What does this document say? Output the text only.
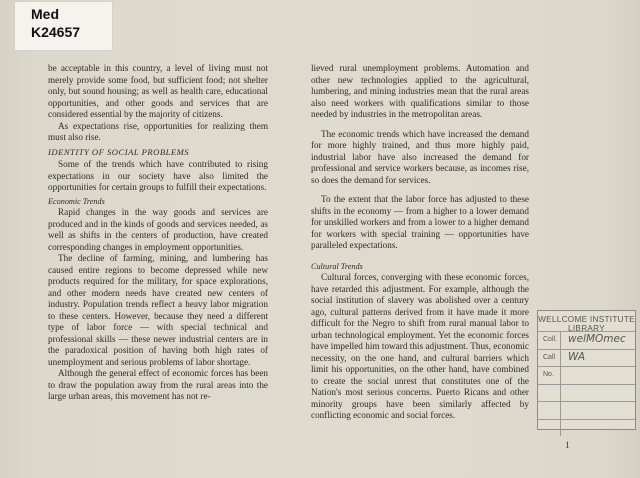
Med
K24657

be acceptable in this country, a level of living must not merely provide some food, but sufficient food; not shelter only, but sound housing; as well as health care, educational opportunities, and other goods and services that are considered essential by the majority of citizens.

As expectations rise, opportunities for realizing them must also rise.

IDENTITY OF SOCIAL PROBLEMS

Some of the trends which have contributed to rising expectations in our society have also limited the opportunities for certain groups to fulfill their expectations.

Economic Trends

Rapid changes in the way goods and services are produced and in the kinds of goods and services needed, as well as shifts in the centers of production, have created corresponding changes in employment opportunities.

The decline of farming, mining, and lumbering has caused entire regions to become depressed while new products required for the military, for space explorations, and other modern needs have created new centers of industry. Population trends reflect a heavy labor migration to these centers. However, because they need a different type of labor force — with special technical and professional skills — these newer industrial centers are in the paradoxical position of having both high rates of unemployment and serious problems of labor shortage.

Although the general effect of economic forces has been to draw the population away from the rural areas into the large urban areas, this movement has not re-

lieved rural unemployment problems. Automation and other new technologies applied to the agricultural, lumbering, and mining industries mean that the rural areas also need workers with qualifications similar to those needed by industries in the metropolitan areas.

The economic trends which have increased the demand for more highly trained, and thus more highly paid, industrial labor have also increased the demand for professional and service workers because, as incomes rise, so does the demand for services.

To the extent that the labor force has adjusted to these shifts in the economy — from a higher to a lower demand for unskilled workers and from a lower to a higher demand for workers with special training — opportunities have paralleled expectations.

Cultural Trends

Cultural forces, converging with these economic forces, have retarded this adjustment. For example, although the social institution of slavery was abolished over a century ago, cultural patterns derived from it have made it more difficult for the Negro to shift from rural manual labor to urban technological employment. Yet the economic forces have impelled him toward this adjustment. Thus, economic necessity, on the one hand, and cultural barriers which limit his opportunities, on the other hand, have combined to create the social unrest that constitutes one of the Nation's most serious concerns. Puerto Ricans and other minority groups have been similarly affected by conflicting economic and social forces.

WELLCOME INSTITUTE LIBRARY
Coll. welMOmec
Call WA
No.
1
